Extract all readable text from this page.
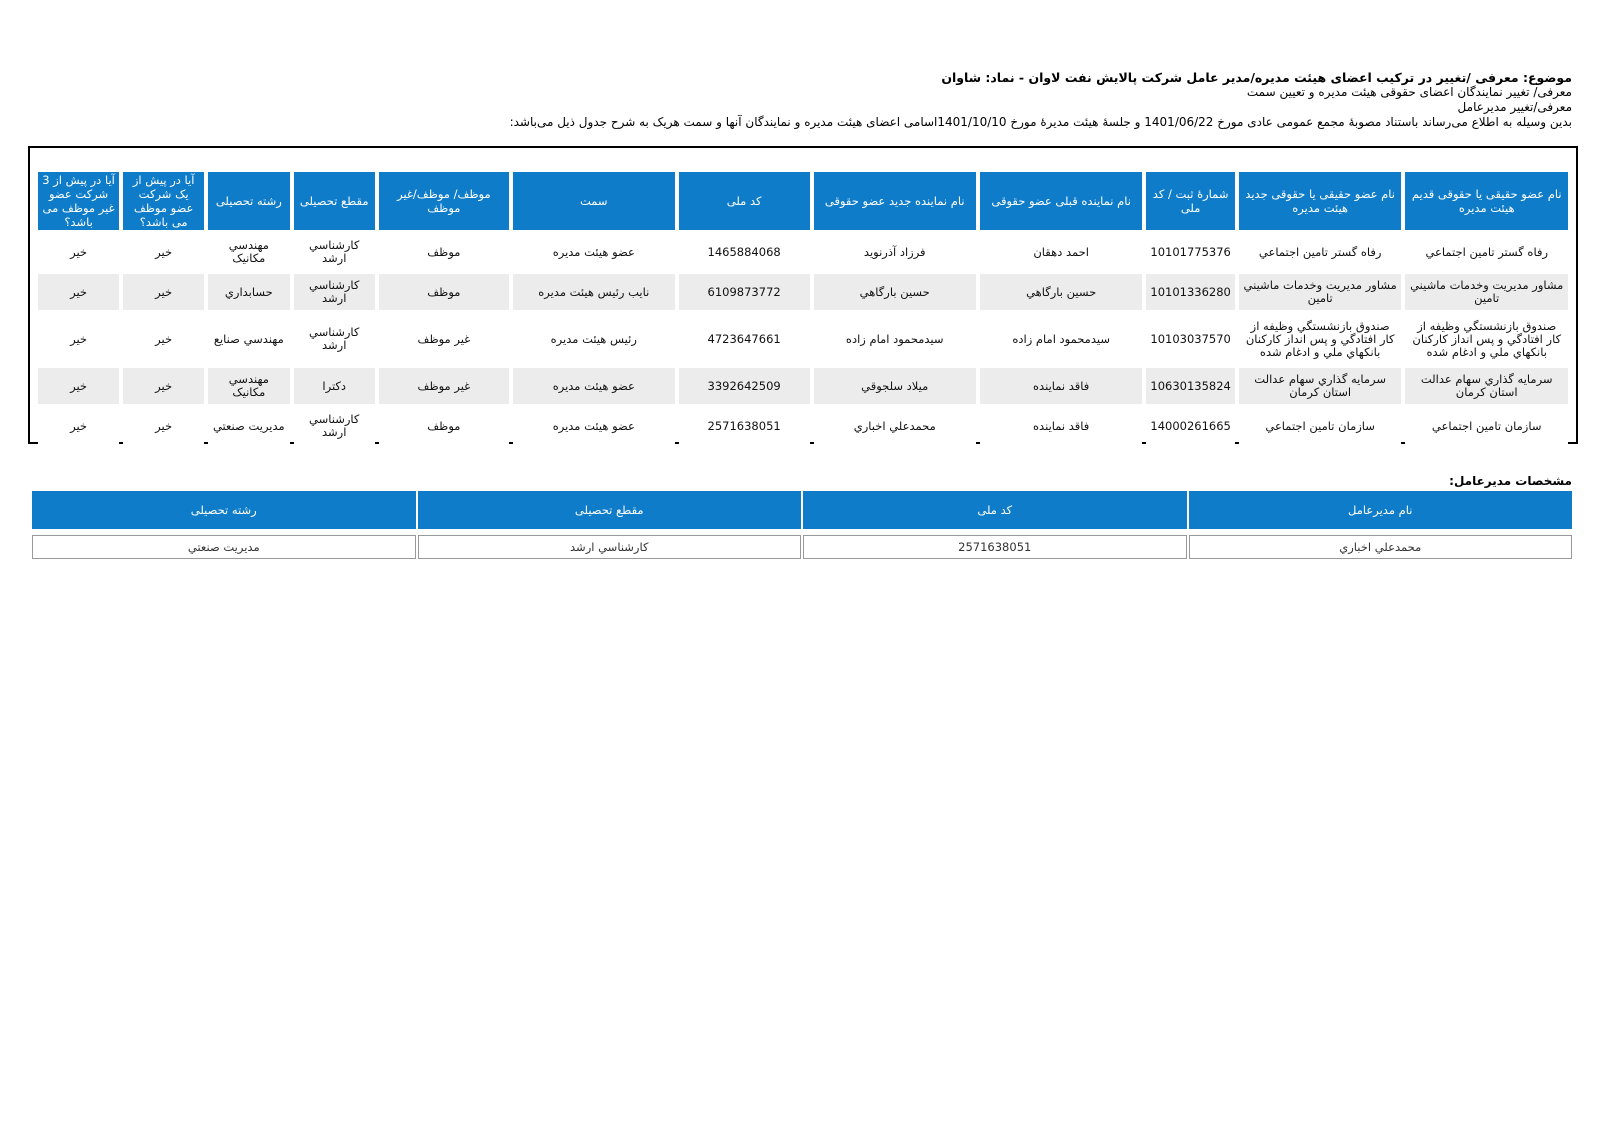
موضوع: معرفی /تغییر در ترکیب اعضای هیئت مدیره/مدیر عامل شرکت پالایش نفت لاوان - نماد: شاوان
معرفی/ تغییر نمایندگان اعضای حقوقی هیئت مدیره و تعیین سمت
معرفی/تغییر مدیرعامل
بدین وسیله به اطلاع می‌رساند باستناد مصوبهٔ مجمع عمومی عادی مورخ 1401/06/22 و جلسهٔ هیئت مدیرهٔ مورخ 1401/10/10اسامی اعضای هیئت مدیره و نمایندگان آنها و سمت هریک به شرح جدول ذیل می‌باشد:
نام عضو حقیقی یا حقوقی قدیم هیئت مدیره	نام عضو حقیقی یا حقوقی جدید هیئت مدیره	شمارهٔ ثبت / کد ملی	نام نماینده قبلی عضو حقوقی	نام نماینده جدید عضو حقوقی	کد ملی	سمت	موظف/ موظف/غیر موظف	مقطع تحصیلی	رشته تحصیلی	آیا در پیش از یک شرکت عضو موظف می باشد؟	آیا در پیش از 3 شرکت عضو غیر موظف می باشد؟
رفاه گستر تامين اجتماعي	رفاه گستر تامين اجتماعي	10101775376	احمد دهقان	فرزاد آذرنويد	1465884068	عضو هيئت مديره	موظف	کارشناسي ارشد	مهندسي مکانيک	خير	خير
مشاور مديريت وخدمات ماشيني تامين	مشاور مديريت وخدمات ماشيني تامين	10101336280	حسين بارگاهي	حسين بارگاهي	6109873772	نايب رئيس هيئت مديره	موظف	کارشناسي ارشد	حسابداري	خير	خير
صندوق بازنشستگي وظيفه از کار افتادگي و پس انداز کارکنان بانکهاي ملي و ادغام شده	صندوق بازنشستگي وظيفه از کار افتادگي و پس انداز کارکنان بانکهاي ملي و ادغام شده	10103037570	سيدمحمود امام زاده	سيدمحمود امام زاده	4723647661	رئيس هيئت مديره	غير موظف	کارشناسي ارشد	مهندسي صنايع	خير	خير
سرمايه گذاري سهام عدالت استان کرمان	سرمايه گذاري سهام عدالت استان کرمان	10630135824	فاقد نماينده	ميلاد سلجوقي	3392642509	عضو هيئت مديره	غير موظف	دکترا	مهندسي مکانيک	خير	خير
سازمان تامين اجتماعي	سازمان تامين اجتماعي	14000261665	فاقد نماينده	محمدعلي اخباري	2571638051	عضو هيئت مديره	موظف	کارشناسي ارشد	مديريت صنعتي	خير	خير
مشخصات مدیرعامل:
نام مدیرعامل	کد ملی	مقطع تحصیلی	رشته تحصیلی

محمدعلي اخباري	2571638051	کارشناسي ارشد	مديريت صنعتي
